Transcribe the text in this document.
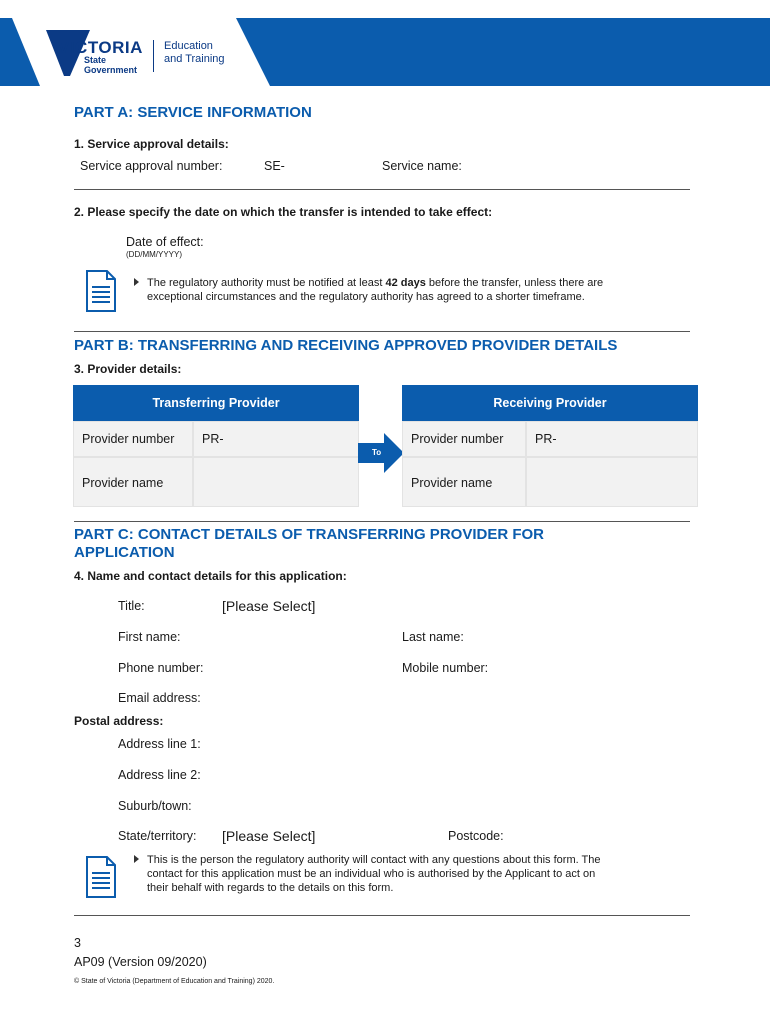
VICTORIA
State
Government
Education
and Training
PART A: SERVICE INFORMATION
1. Service approval details:
Service approval number:	SE-	Service name:
2. Please specify the date on which the transfer is intended to take effect:
Date of effect:
(DD/MM/YYYY)
The regulatory authority must be notified at least 42 days before the transfer, unless there are
exceptional circumstances and the regulatory authority has agreed to a shorter timeframe.
PART B: TRANSFERRING AND RECEIVING APPROVED PROVIDER DETAILS
3. Provider details:
Transferring Provider	Receiving Provider
Provider number	PR-
Provider name
To
Provider number	PR-
Provider name
PART C: CONTACT DETAILS OF TRANSFERRING PROVIDER FOR
APPLICATION
4. Name and contact details for this application:
Title:	[Please Select]
First name:	Last name:
Phone number:	Mobile number:
Email address:
Postal address:
Address line 1:
Address line 2:
Suburb/town:
State/territory: [Please Select]	Postcode:
This is the person the regulatory authority will contact with any questions about this form. The
contact for this application must be an individual who is authorised by the Applicant to act on
their behalf with regards to the details on this form.
3
AP09 (Version 09/2020)
© State of Victoria (Department of Education and Training) 2020.
